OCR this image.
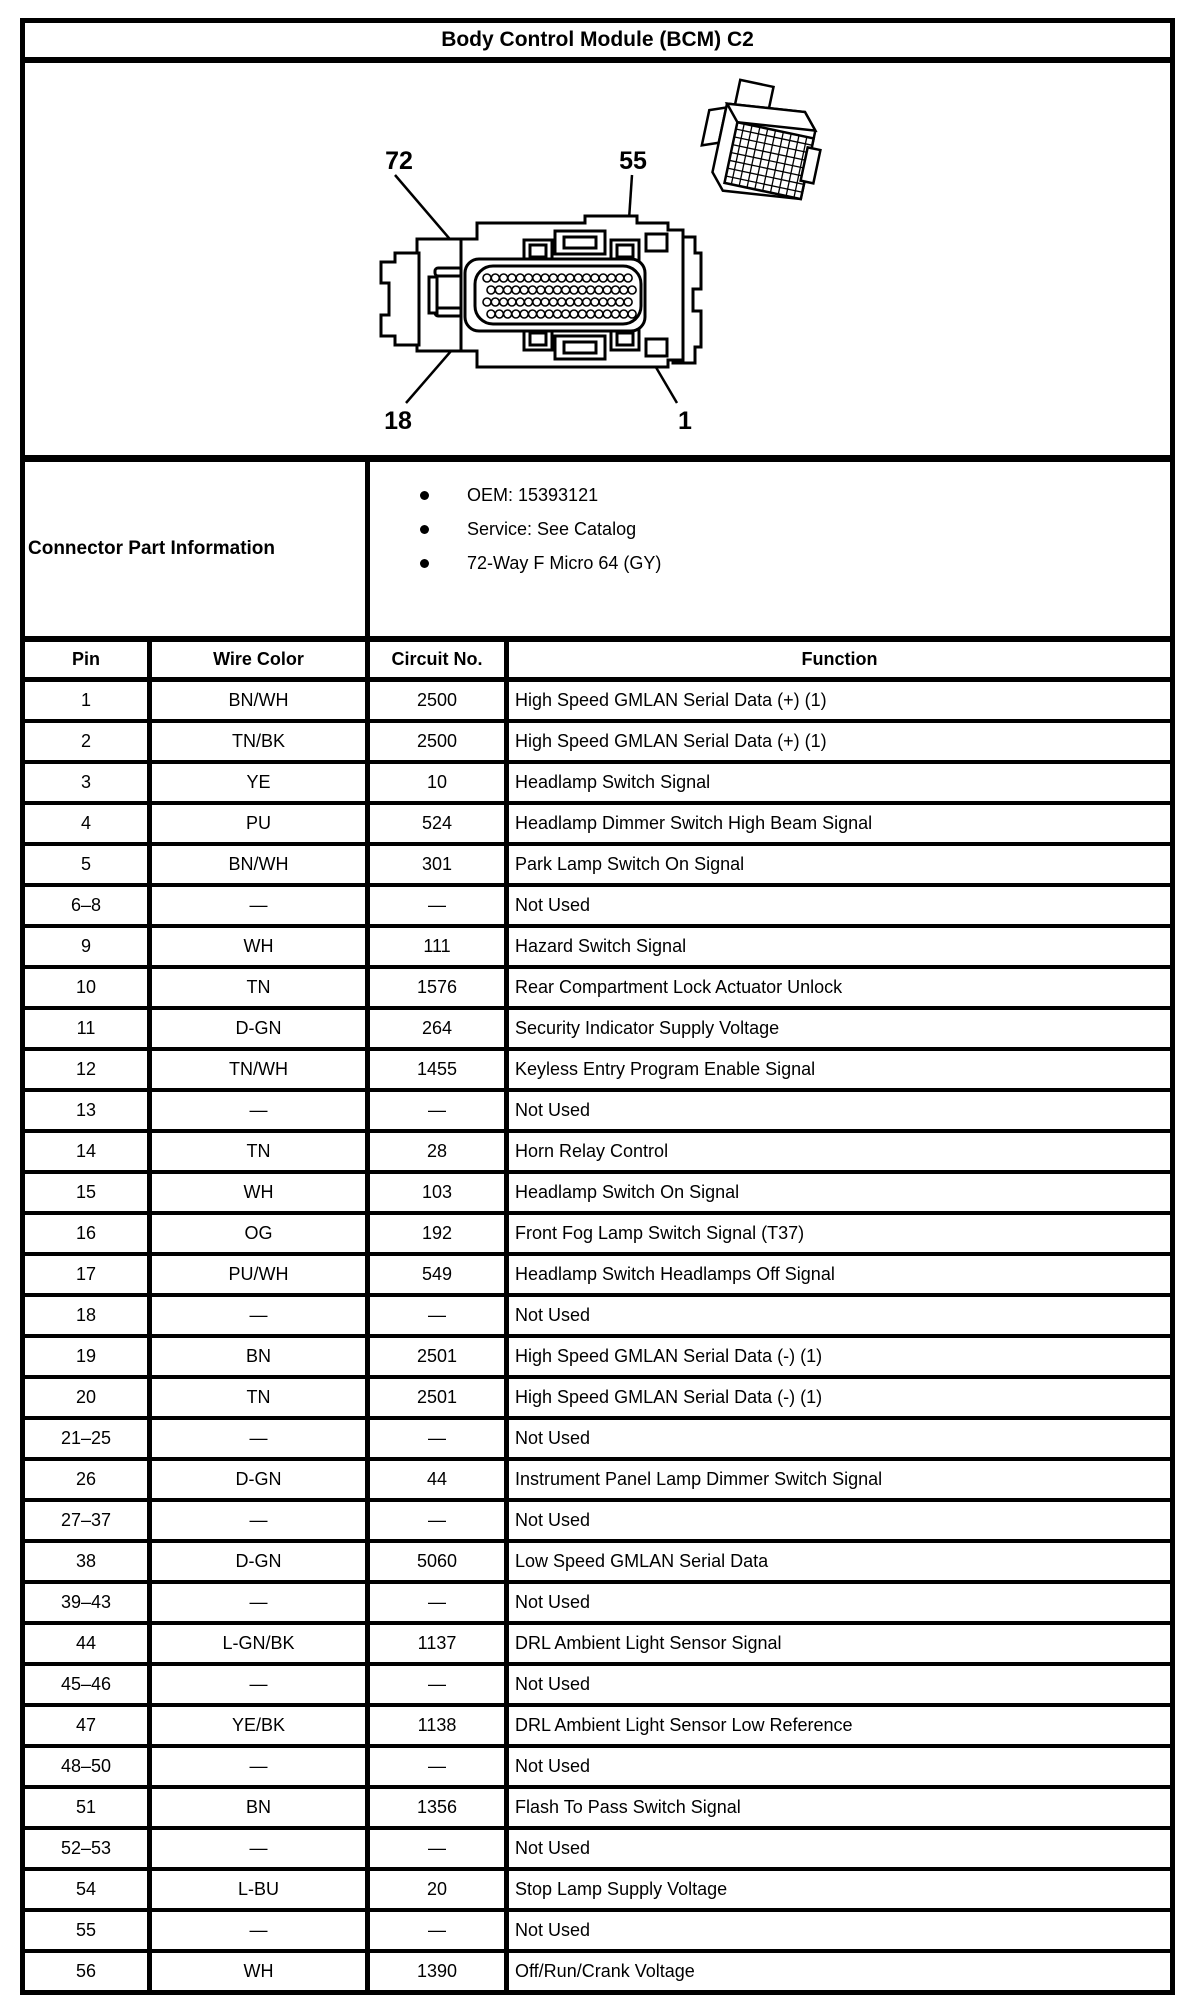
Body Control Module (BCM) C2			

72 55
18 1			

Connector Part Information		OEM: 15393121
Service: See Catalog
72-Way F Micro 64 (GY)	

Pin	Wire Color	Circuit No.	Function
1	BN/WH	2500	High Speed GMLAN Serial Data (+) (1)
2	TN/BK	2500	High Speed GMLAN Serial Data (+) (1)
3	YE	10	Headlamp Switch Signal
4	PU	524	Headlamp Dimmer Switch High Beam Signal
5	BN/WH	301	Park Lamp Switch On Signal
6–8	—	—	Not Used
9	WH	111	Hazard Switch Signal
10	TN	1576	Rear Compartment Lock Actuator Unlock
11	D-GN	264	Security Indicator Supply Voltage
12	TN/WH	1455	Keyless Entry Program Enable Signal
13	—	—	Not Used
14	TN	28	Horn Relay Control
15	WH	103	Headlamp Switch On Signal
16	OG	192	Front Fog Lamp Switch Signal (T37)
17	PU/WH	549	Headlamp Switch Headlamps Off Signal
18	—	—	Not Used
19	BN	2501	High Speed GMLAN Serial Data (-) (1)
20	TN	2501	High Speed GMLAN Serial Data (-) (1)
21–25	—	—	Not Used
26	D-GN	44	Instrument Panel Lamp Dimmer Switch Signal
27–37	—	—	Not Used
38	D-GN	5060	Low Speed GMLAN Serial Data
39–43	—	—	Not Used
44	L-GN/BK	1137	DRL Ambient Light Sensor Signal
45–46	—	—	Not Used
47	YE/BK	1138	DRL Ambient Light Sensor Low Reference
48–50	—	—	Not Used
51	BN	1356	Flash To Pass Switch Signal
52–53	—	—	Not Used
54	L-BU	20	Stop Lamp Supply Voltage
55	—	—	Not Used
56	WH	1390	Off/Run/Crank Voltage
